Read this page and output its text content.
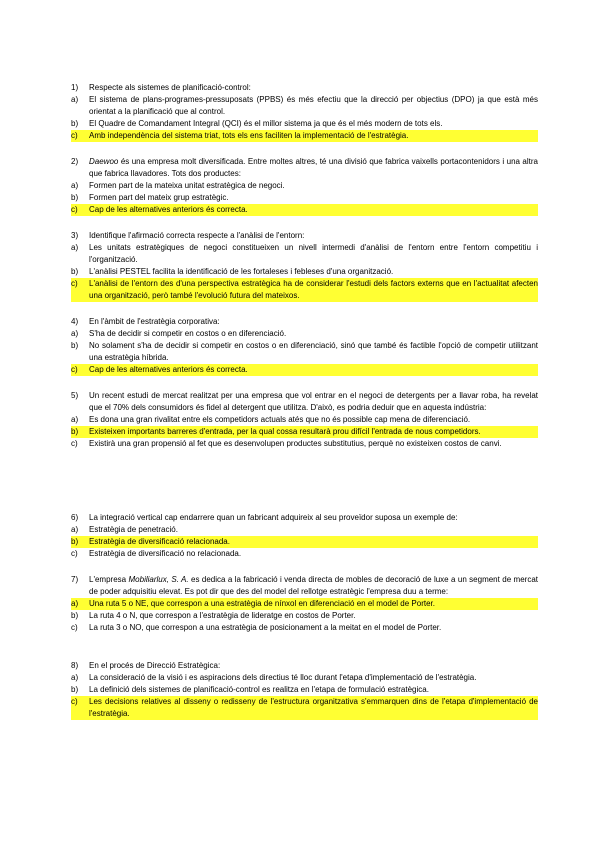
1)	Respecte als sistemes de planificació-control:
a)	El sistema de plans-programes-pressuposats (PPBS) és més efectiu que la direcció per objectius (DPO) ja que està més orientat a la planificació que al control.
b)	El Quadre de Comandament Integral (QCI) és el millor sistema ja que és el més modern de tots els.
c)	Amb independència del sistema triat, tots els ens faciliten la implementació de l'estratègia.
2)	Daewoo és una empresa molt diversificada. Entre moltes altres, té una divisió que fabrica vaixells portacontenidors i una altra que fabrica llavadores. Tots dos productes:
a)	Formen part de la mateixa unitat estratègica de negoci.
b)	Formen part del mateix grup estratègic.
c)	Cap de les alternatives anteriors és correcta.
3)	Identifique l'afirmació correcta respecte a l'anàlisi de l'entorn:
a)	Les unitats estratègiques de negoci constitueixen un nivell intermedi d'anàlisi de l'entorn entre l'entorn competitiu i l'organització.
b)	L'anàlisi PESTEL facilita la identificació de les fortaleses i febleses d'una organització.
c)	L'anàlisi de l'entorn des d'una perspectiva estratègica ha de considerar l'estudi dels factors externs que en l'actualitat afecten una organització, però també l'evolució futura del mateixos.
4)	En l'àmbit de l'estratègia corporativa:
a)	S'ha de decidir si competir en costos o en diferenciació.
b)	No solament s'ha de decidir si competir en costos o en diferenciació, sinó que també és factible l'opció de competir utilitzant una estratègia híbrida.
c)	Cap de les alternatives anteriors és correcta.
5)	Un recent estudi de mercat realitzat per una empresa que vol entrar en el negoci de detergents per a llavar roba, ha revelat que el 70% dels consumidors és fidel al detergent que utilitza. D'això, es podria deduir que en aquesta indústria:
a)	Es dona una gran rivalitat entre els competidors actuals atés que no és possible cap mena de diferenciació.
b)	Existeixen importants barreres d'entrada, per la qual cossa resultarà prou difícil l'entrada de nous competidors.
c)	Existirà una gran propensió al fet que es desenvolupen productes substitutius, perquè no existeixen costos de canvi.
6)	La integració vertical cap endarrere quan un fabricant adquireix al seu proveïdor suposa un exemple de:
a)	Estratègia de penetració.
b)	Estratègia de diversificació relacionada.
c)	Estratègia de diversificació no relacionada.
7)	L'empresa Mobiliarlux, S. A. es dedica a la fabricació i venda directa de mobles de decoració de luxe a un segment de mercat de poder adquisitiu elevat. Es pot dir que des del model del rellotge estratègic l'empresa duu a terme:
a)	Una ruta 5 o NE, que correspon a una estratègia de nínxol en diferenciació en el model de Porter.
b)	La ruta 4 o N, que correspon a l'estratègia de lideratge en costos de Porter.
c)	La ruta 3 o NO, que correspon a una estratègia de posicionament a la meitat en el model de Porter.
8)	En el procés de Direcció Estratègica:
a)	La consideració de la visió i es aspiracions dels directius té lloc durant l'etapa d'implementació de l'estratègia.
b)	La definició dels sistemes de planificació-control es realitza en l'etapa de formulació estratègica.
c)	Les decisions relatives al disseny o redisseny de l'estructura organitzativa s'emmarquen dins de l'etapa d'implementació de l'estratègia.
